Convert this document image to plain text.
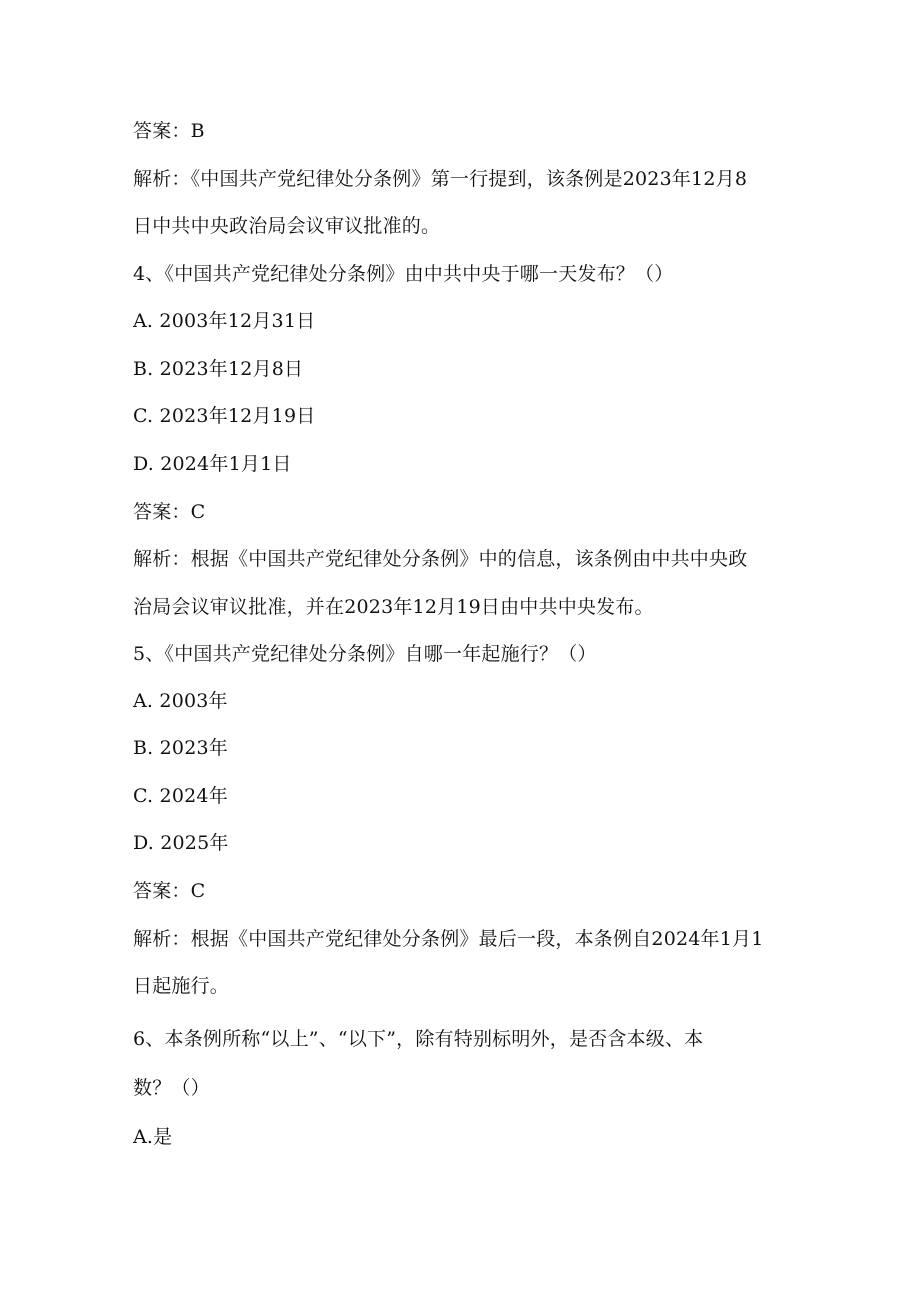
答案：B
解析：《中国共产党纪律处分条例》第一行提到，该条例是2023年12月8
日中共中央政治局会议审议批准的。
4、《中国共产党纪律处分条例》由中共中央于哪一天发布？（）
A. 2003年12月31日
B. 2023年12月8日
C. 2023年12月19日
D. 2024年1月1日
答案：C
解析：根据《中国共产党纪律处分条例》中的信息，该条例由中共中央政
治局会议审议批准，并在2023年12月19日由中共中央发布。
5、《中国共产党纪律处分条例》自哪一年起施行？（）
A. 2003年
B. 2023年
C. 2024年
D. 2025年
答案：C
解析：根据《中国共产党纪律处分条例》最后一段，本条例自2024年1月1
日起施行。
6、本条例所称“以上”、“以下”，除有特别标明外，是否含本级、本
数？（）
A.是
